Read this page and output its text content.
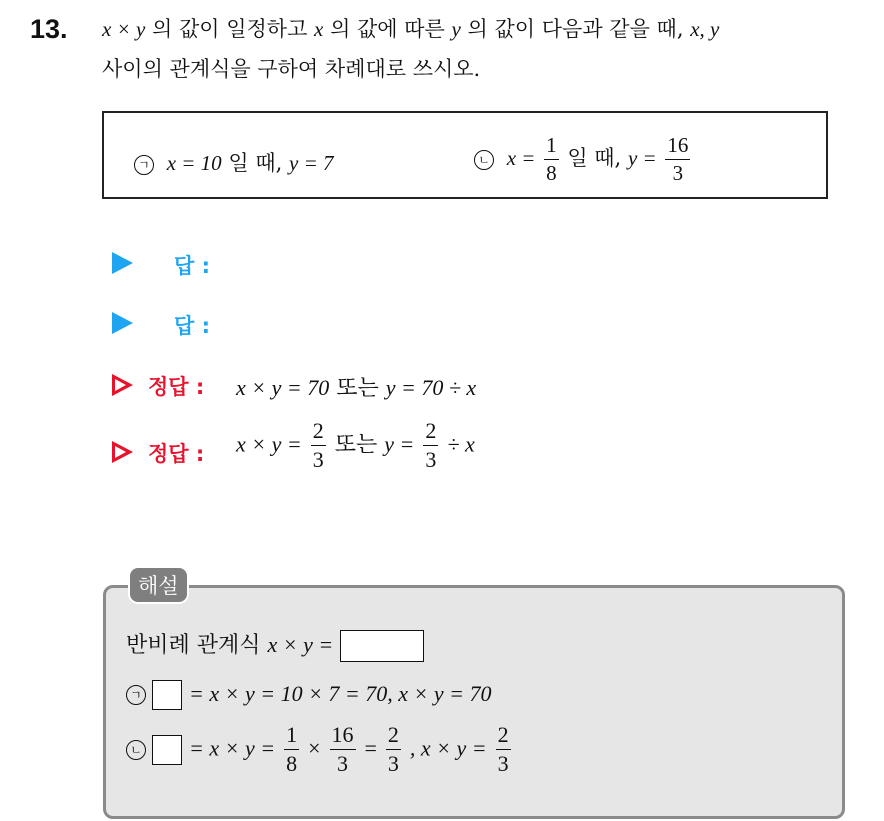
13. x × y 의 값이 일정하고 x 의 값에 따른 y 의 값이 다음과 같을 때, x, y
사이의 관계식을 구하여 차례대로 쓰시오.
ㄱ x = 10 일 때, y = 7	ㄴ $x = \frac{1}{8}$ 일 때, $y = \frac{16}{3}$
답 :
답 :
정답 : x × y = 70 또는 y = 70 ÷ x
정답 : $x \times y = \frac{2}{3}$ 또는 $y = \frac{2}{3} \div x$
반비례 관계식 x × y =
ㄱ = x × y = 10 × 7 = 70, x × y = 70
ㄴ = $x \times y = \frac{1}{8} \times \frac{16}{3} = \frac{2}{3}$ , $x \times y = \frac{2}{3}$
해설
